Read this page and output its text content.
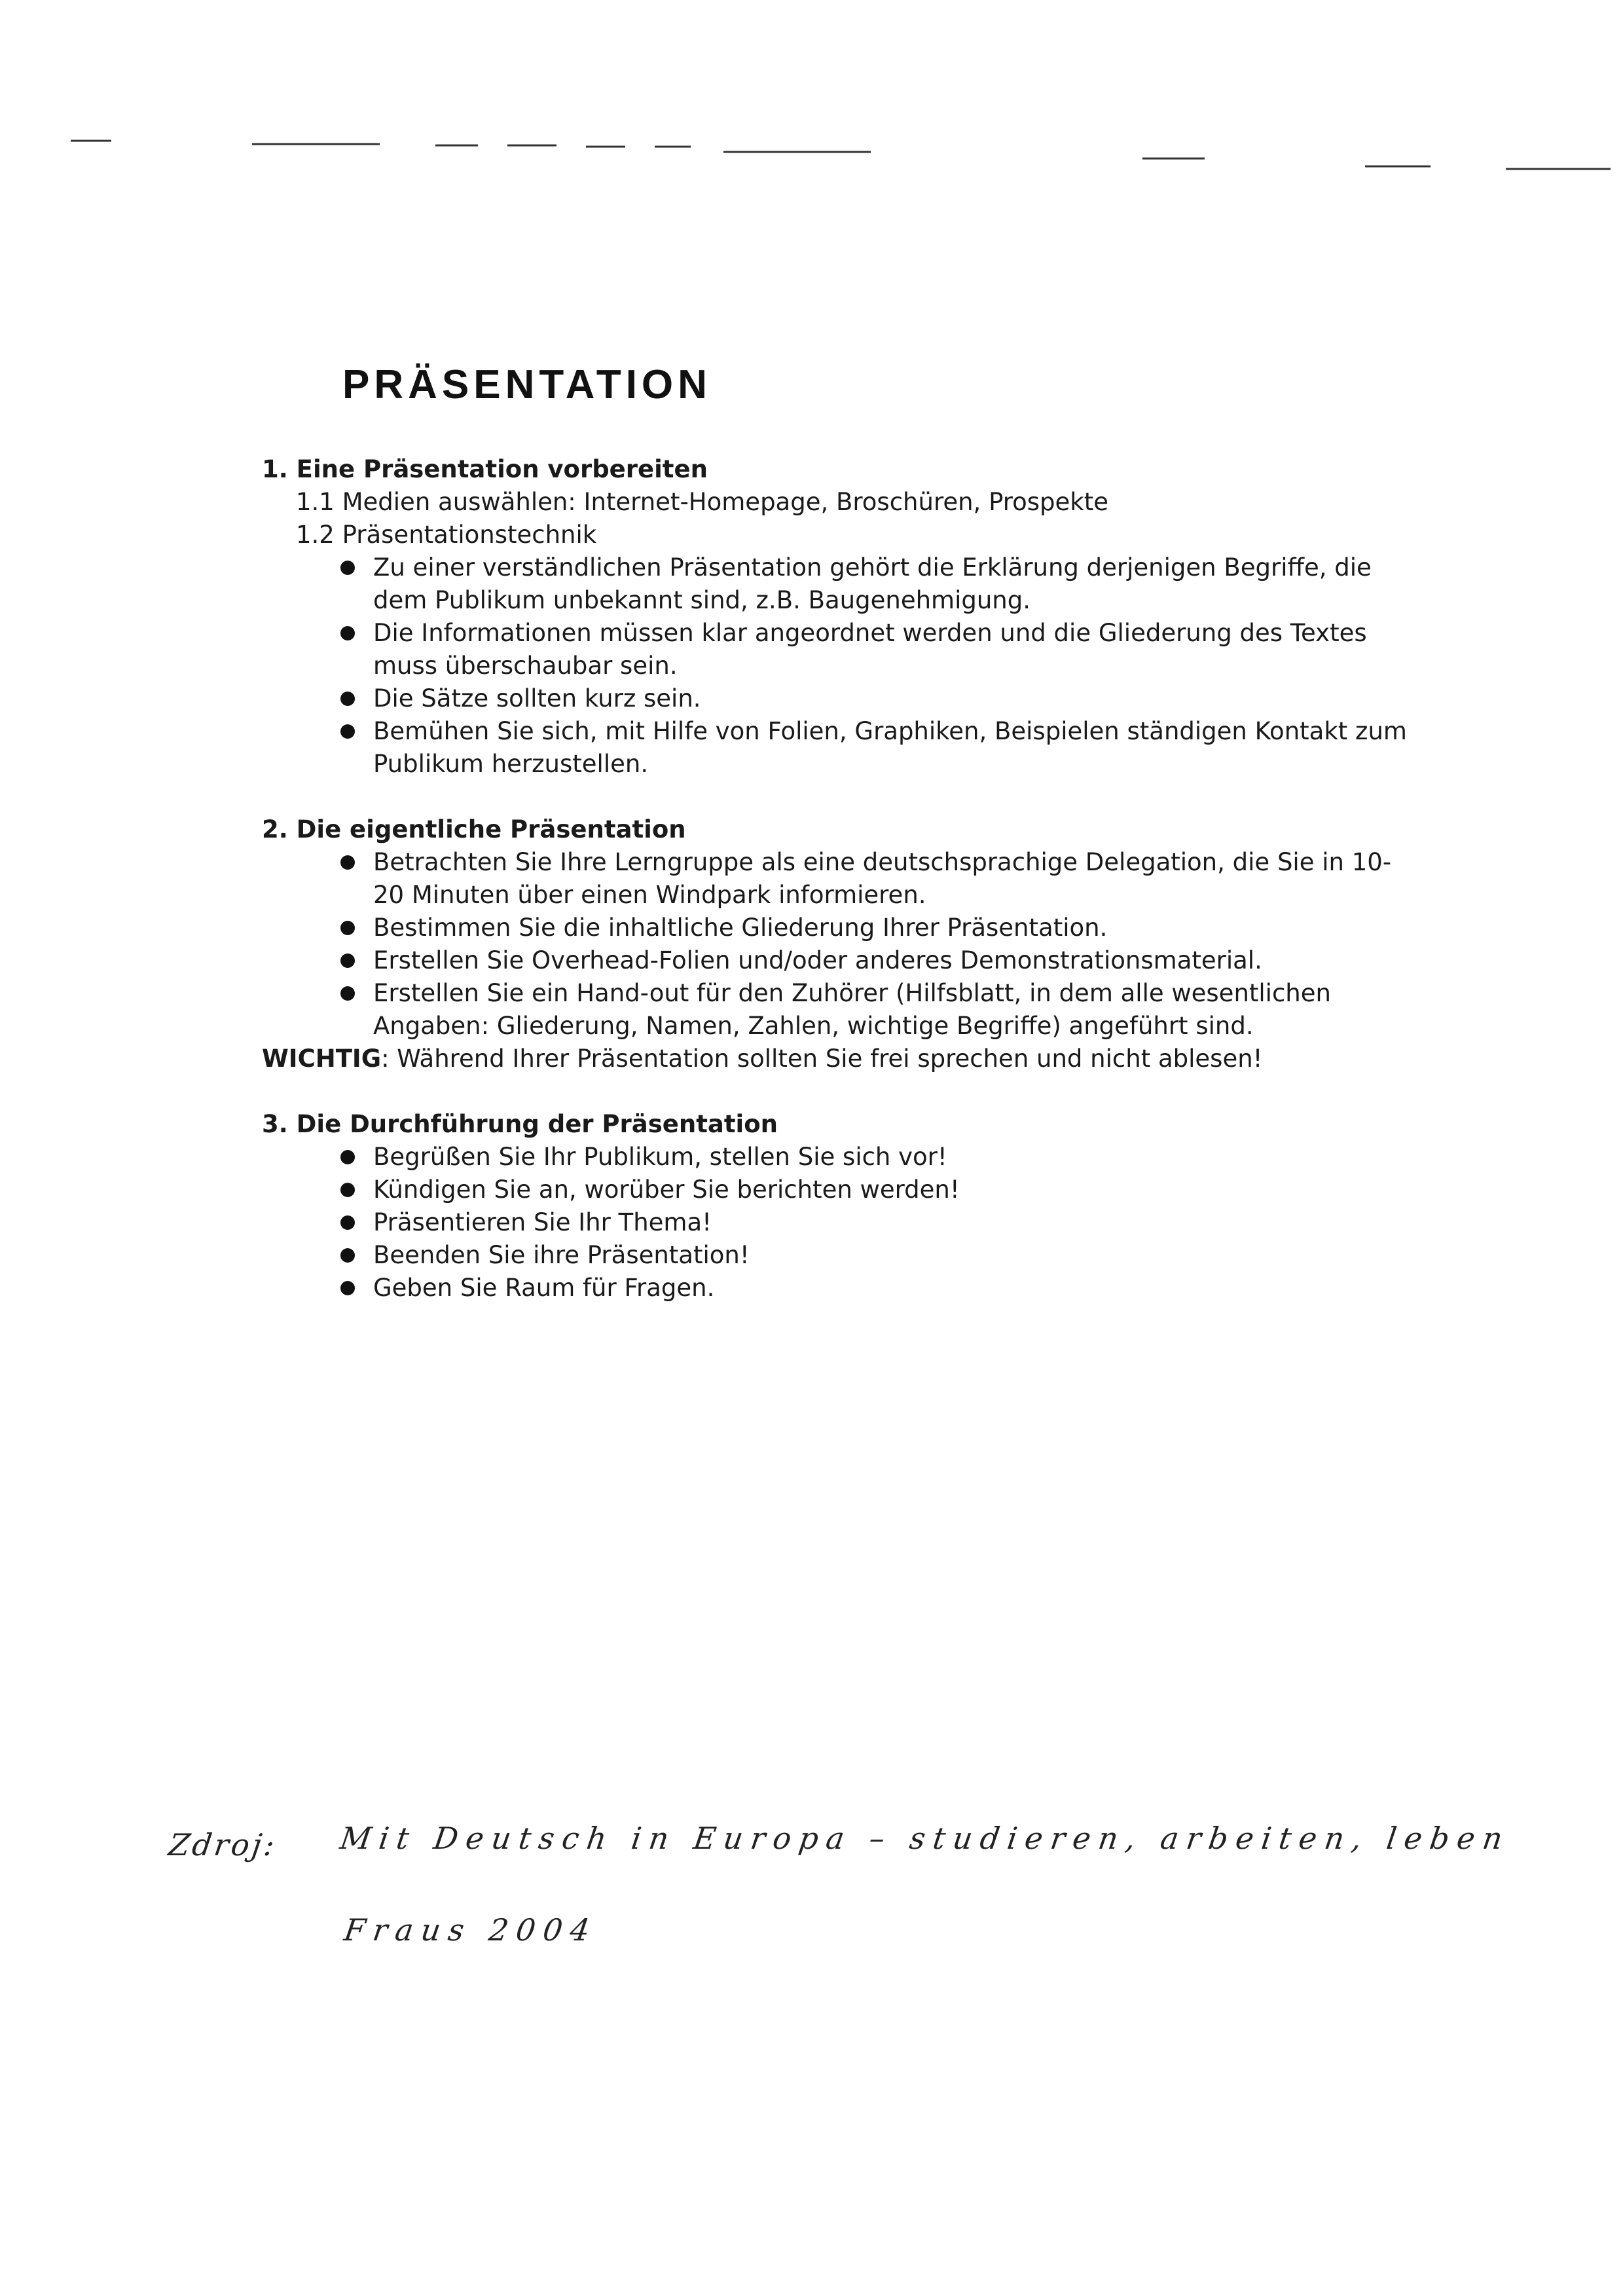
PRÄSENTATION

1. Eine Präsentation vorbereiten

1.1 Medien auswählen: Internet-Homepage, Broschüren, Prospekte

1.2 Präsentationstechnik

Zu einer verständlichen Präsentation gehört die Erklärung derjenigen Begriffe, die dem Publikum unbekannt sind, z.B. Baugenehmigung.
Die Informationen müssen klar angeordnet werden und die Gliederung des Textes muss überschaubar sein.
Die Sätze sollten kurz sein.
Bemühen Sie sich, mit Hilfe von Folien, Graphiken, Beispielen ständigen Kontakt zum Publikum herzustellen.

2. Die eigentliche Präsentation

Betrachten Sie Ihre Lerngruppe als eine deutschsprachige Delegation, die Sie in 10-20 Minuten über einen Windpark informieren.
Bestimmen Sie die inhaltliche Gliederung Ihrer Präsentation.
Erstellen Sie Overhead-Folien und/oder anderes Demonstrationsmaterial.
Erstellen Sie ein Hand-out für den Zuhörer (Hilfsblatt, in dem alle wesentlichen Angaben: Gliederung, Namen, Zahlen, wichtige Begriffe) angeführt sind.

WICHTIG: Während Ihrer Präsentation sollten Sie frei sprechen und nicht ablesen!

3. Die Durchführung der Präsentation

Begrüßen Sie Ihr Publikum, stellen Sie sich vor!
Kündigen Sie an, worüber Sie berichten werden!
Präsentieren Sie Ihr Thema!
Beenden Sie ihre Präsentation!
Geben Sie Raum für Fragen.
Zdroj: Mit Deutsch in Europa – studieren, arbeiten, leben
Fraus 2004
